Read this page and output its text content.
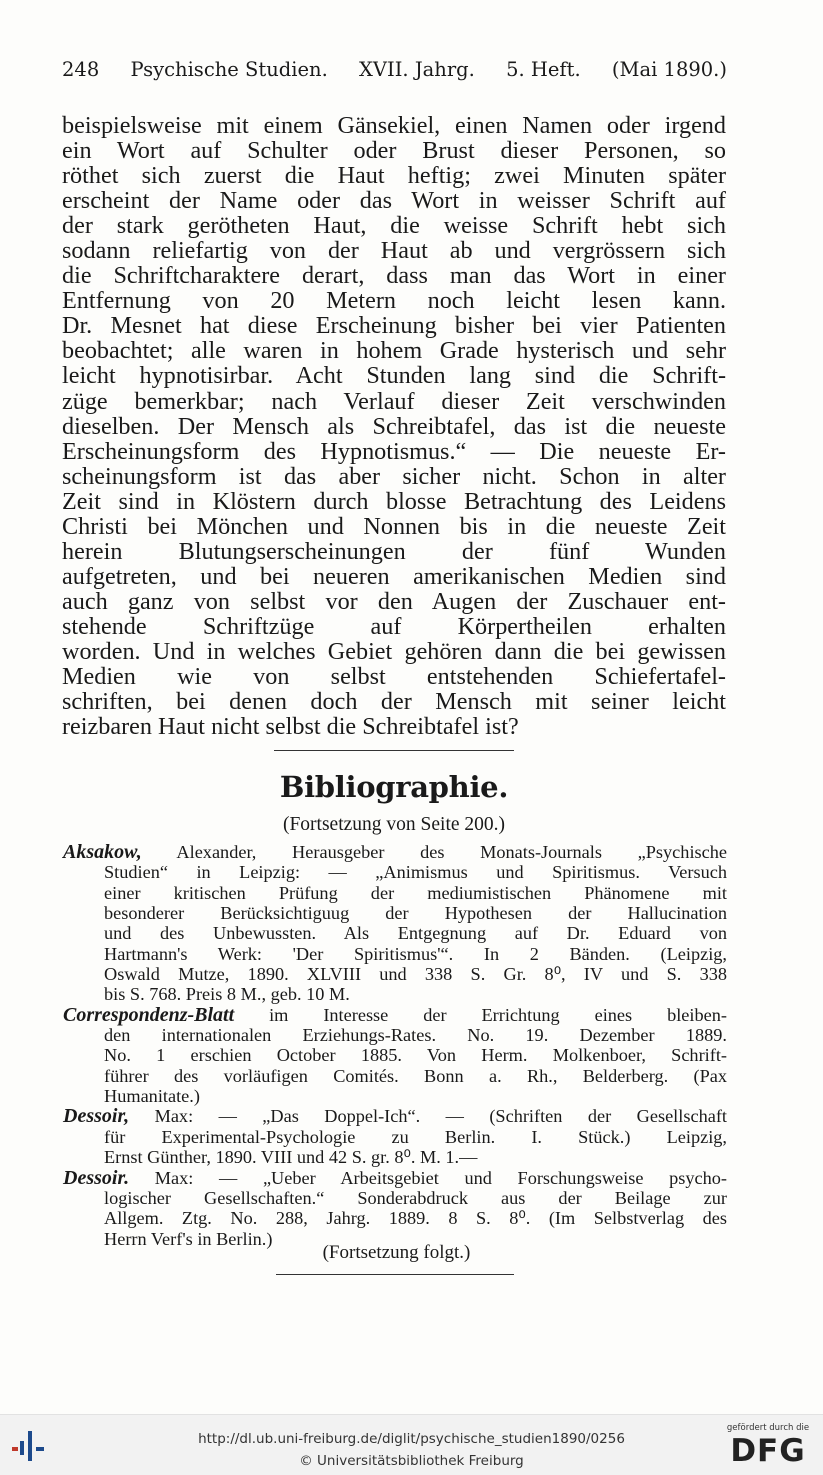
248 Psychische Studien. XVII. Jahrg. 5. Heft. (Mai 1890.)
beispielsweise mit einem Gänsekiel, einen Namen oder irgend
ein Wort auf Schulter oder Brust dieser Personen, so
röthet sich zuerst die Haut heftig; zwei Minuten später
erscheint der Name oder das Wort in weisser Schrift auf
der stark gerötheten Haut, die weisse Schrift hebt sich
sodann reliefartig von der Haut ab und vergrössern sich
die Schriftcharaktere derart, dass man das Wort in einer
Entfernung von 20 Metern noch leicht lesen kann.
Dr. Mesnet hat diese Erscheinung bisher bei vier Patienten
beobachtet; alle waren in hohem Grade hysterisch und sehr
leicht hypnotisirbar. Acht Stunden lang sind die Schrift-
züge bemerkbar; nach Verlauf dieser Zeit verschwinden
dieselben. Der Mensch als Schreibtafel, das ist die neueste
Erscheinungsform des Hypnotismus.“ — Die neueste Er-
scheinungsform ist das aber sicher nicht. Schon in alter
Zeit sind in Klöstern durch blosse Betrachtung des Leidens
Christi bei Mönchen und Nonnen bis in die neueste Zeit
herein Blutungserscheinungen der fünf Wunden
aufgetreten, und bei neueren amerikanischen Medien sind
auch ganz von selbst vor den Augen der Zuschauer ent-
stehende Schriftzüge auf Körpertheilen erhalten
worden. Und in welches Gebiet gehören dann die bei gewissen
Medien wie von selbst entstehenden Schiefertafel-
schriften, bei denen doch der Mensch mit seiner leicht
reizbaren Haut nicht selbst die Schreibtafel ist?
Bibliographie.
(Fortsetzung von Seite 200.)
Aksakow, Alexander, Herausgeber des Monats-Journals „Psychische
Studien“ in Leipzig: — „Animismus und Spiritismus. Versuch
einer kritischen Prüfung der mediumistischen Phänomene mit
besonderer Berücksichtiguug der Hypothesen der Hallucination
und des Unbewussten. Als Entgegnung auf Dr. Eduard von
Hartmann's Werk: 'Der Spiritismus'“. In 2 Bänden. (Leipzig,
Oswald Mutze, 1890. XLVIII und 338 S. Gr. 8⁰, IV und S. 338
bis S. 768. Preis 8 M., geb. 10 M.
Correspondenz-Blatt im Interesse der Errichtung eines bleiben-
den internationalen Erziehungs-Rates. No. 19. Dezember 1889.
No. 1 erschien October 1885. Von Herm. Molkenboer, Schrift-
führer des vorläufigen Comités. Bonn a. Rh., Belderberg. (Pax
Humanitate.)
Dessoir, Max: — „Das Doppel-Ich“. — (Schriften der Gesellschaft
für Experimental-Psychologie zu Berlin. I. Stück.) Leipzig,
Ernst Günther, 1890. VIII und 42 S. gr. 8⁰. M. 1.—
Dessoir. Max: — „Ueber Arbeitsgebiet und Forschungsweise psycho-
logischer Gesellschaften.“ Sonderabdruck aus der Beilage zur
Allgem. Ztg. No. 288, Jahrg. 1889. 8 S. 8⁰. (Im Selbstverlag des
Herrn Verf's in Berlin.)
(Fortsetzung folgt.)
http://dl.ub.uni-freiburg.de/diglit/psychische_studien1890/0256
© Universitätsbibliothek Freiburg
gefördert durch die
DFG
